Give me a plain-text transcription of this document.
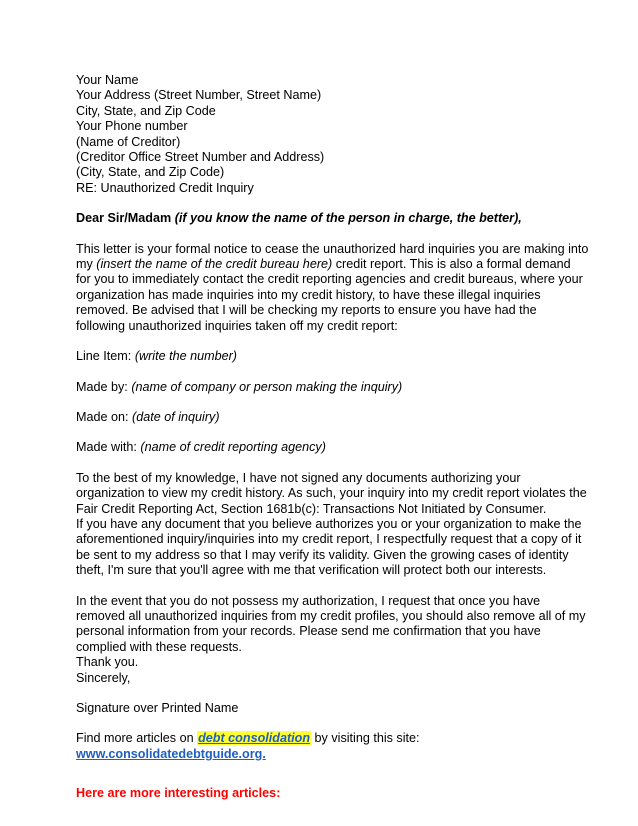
Your Name
Your Address (Street Number, Street Name)
City, State, and Zip Code
Your Phone number
(Name of Creditor)
(Creditor Office Street Number and Address)
(City, State, and Zip Code)
RE: Unauthorized Credit Inquiry
Dear Sir/Madam (if you know the name of the person in charge, the better),
This letter is your formal notice to cease the unauthorized hard inquiries you are making into
my (insert the name of the credit bureau here) credit report. This is also a formal demand
for you to immediately contact the credit reporting agencies and credit bureaus, where your
organization has made inquiries into my credit history, to have these illegal inquiries
removed. Be advised that I will be checking my reports to ensure you have had the
following unauthorized inquiries taken off my credit report:
Line Item: (write the number)
Made by: (name of company or person making the inquiry)
Made on: (date of inquiry)
Made with: (name of credit reporting agency)
To the best of my knowledge, I have not signed any documents authorizing your
organization to view my credit history. As such, your inquiry into my credit report violates the
Fair Credit Reporting Act, Section 1681b(c): Transactions Not Initiated by Consumer.
If you have any document that you believe authorizes you or your organization to make the
aforementioned inquiry/inquiries into my credit report, I respectfully request that a copy of it
be sent to my address so that I may verify its validity. Given the growing cases of identity
theft, I'm sure that you'll agree with me that verification will protect both our interests.
In the event that you do not possess my authorization, I request that once you have
removed all unauthorized inquiries from my credit profiles, you should also remove all of my
personal information from your records. Please send me confirmation that you have
complied with these requests.
Thank you.
Sincerely,
Signature over Printed Name
Find more articles on debt consolidation by visiting this site:
www.consolidatedebtguide.org.
Here are more interesting articles:
